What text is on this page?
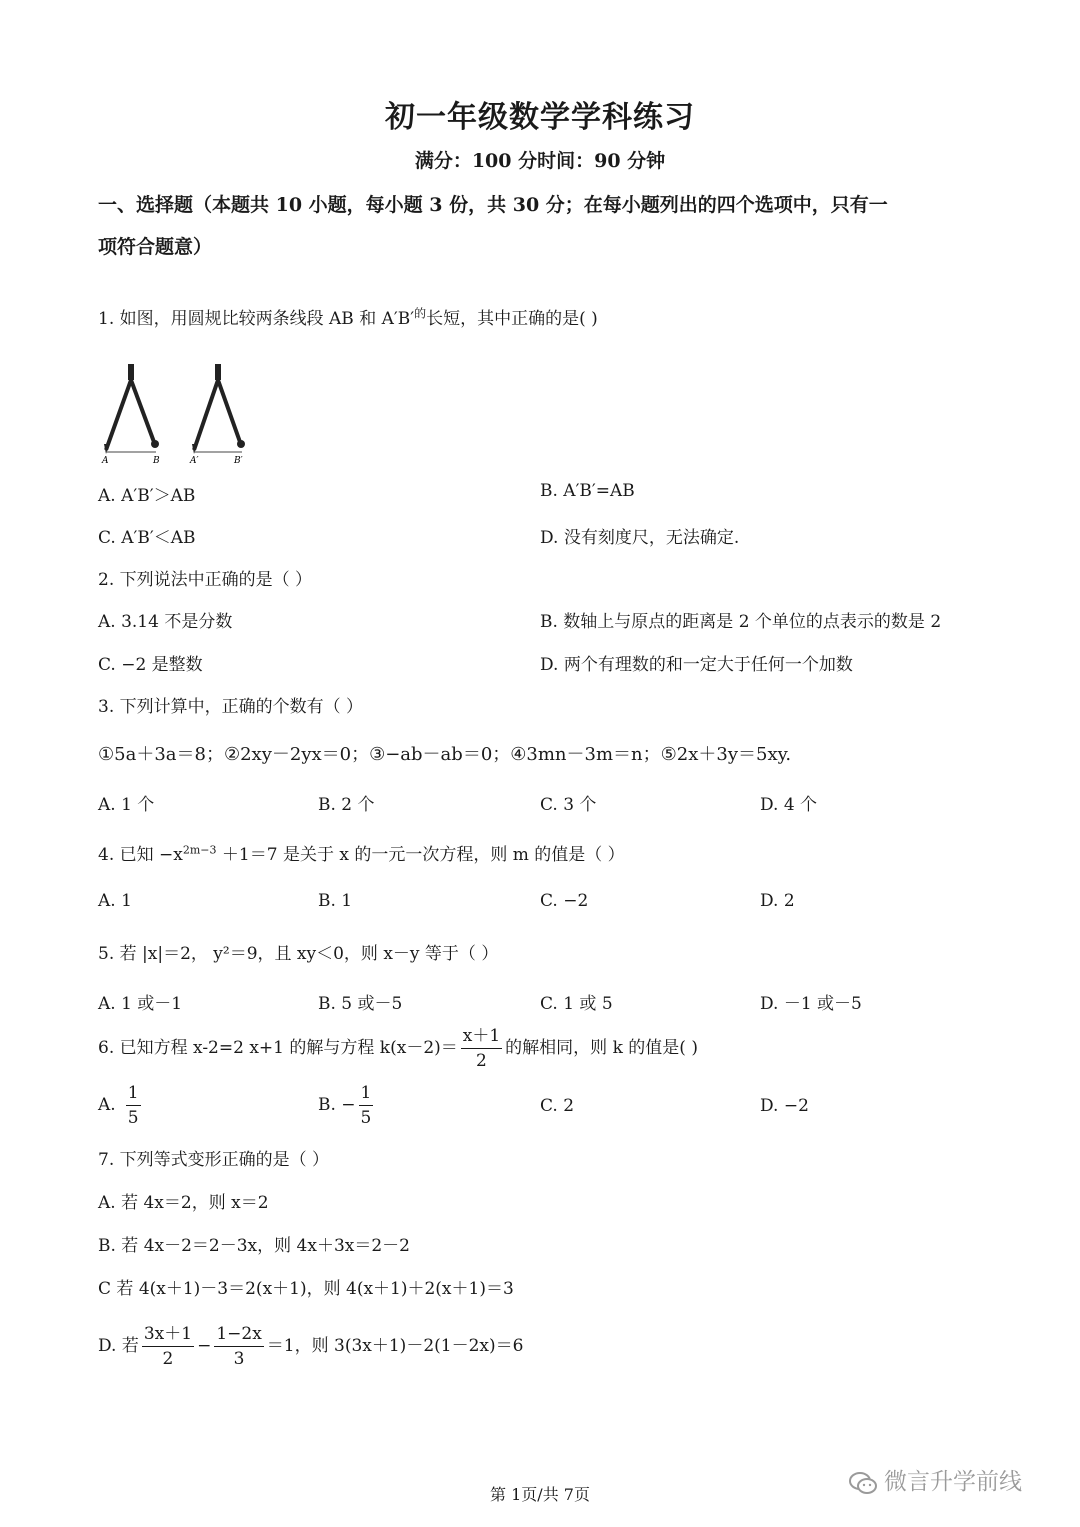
初一年级数学学科练习
满分：100 分时间：90 分钟
一、选择题（本题共 10 小题，每小题 3 份，共 30 分；在每小题列出的四个选项中，只有一
项符合题意）
1. 如图，用圆规比较两条线段 AB 和 $A'B'^的$长短，其中正确的是( )
A	B	A′	B′
A. A′B′＞AB	B. A′B′=AB
C. A′B′＜AB	D. 没有刻度尺，无法确定.
2. 下列说法中正确的是（ ）
A. 3.14 不是分数	B. 数轴上与原点的距离是 2 个单位的点表示的数是 2
C. −2 是整数	D. 两个有理数的和一定大于任何一个加数
3. 下列计算中，正确的个数有（ ）
①5a＋3a＝8；②2xy－2yx＝0；③−ab－ab＝0；④3mn－3m＝n；⑤2x＋3y＝5xy.
A. 1 个	B. 2 个	C. 3 个	D. 4 个
4. 已知 $-x^{2m-3} +1=7$ 是关于 x 的一元一次方程，则 m 的值是（ ）
A. 1	B. 1	C. −2	D. 2
5. 若 |x|＝2， y²＝9，且 xy＜0，则 x－y 等于（ ）
A. 1 或－1	B. 5 或－5	C. 1 或 5	D. －1 或－5
6. 已知方程 x-2=2 x+1 的解与方程 $k(x-2)= \frac{x+1}{2}$ 的解相同，则 k 的值是( )
A. $\frac{1}{5}$	B. − $\frac{1}{5}$	C. 2	D. −2
7. 下列等式变形正确的是（ ）
A. 若 4x＝2，则 x＝2
B. 若 4x－2＝2－3x，则 4x＋3x＝2－2
C 若 4(x＋1)－3＝2(x＋1)，则 4(x＋1)＋2(x＋1)＝3
D. 若 $\frac{3x+1}{2} - \frac{1-2x}{3} =1$，则 3(3x＋1)－2(1－2x)＝6
第 1页/共 7页	微言升学前线
